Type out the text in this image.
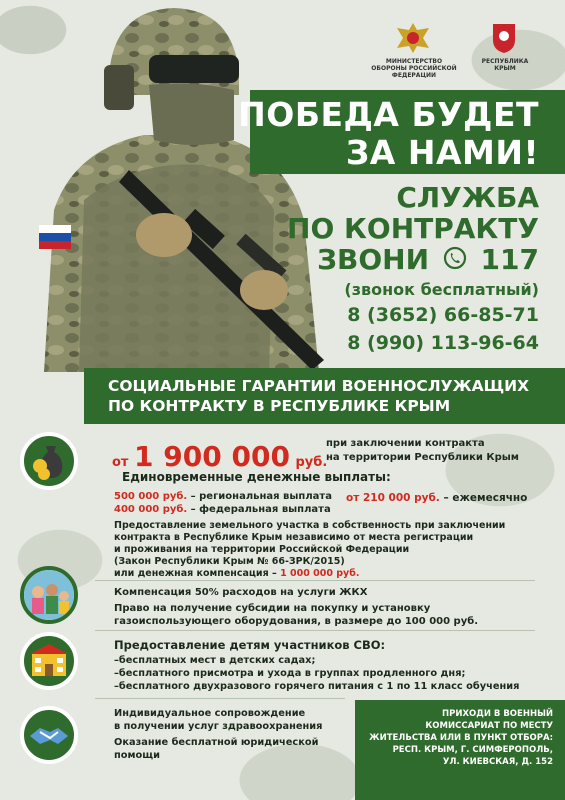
МИНИСТЕРСТВО ОБОРОНЫ РОССИЙСКОЙ ФЕДЕРАЦИИ
РЕСПУБЛИКА КРЫМ
ПОБЕДА БУДЕТ
ЗА НАМИ!
СЛУЖБА
ПО КОНТРАКТУ
ЗВОНИ 117
(звонок бесплатный)
8 (3652) 66-85-71
8 (990) 113-96-64
СОЦИАЛЬНЫЕ ГАРАНТИИ ВОЕННОСЛУЖАЩИХ
ПО КОНТРАКТУ В РЕСПУБЛИКЕ КРЫМ
от 1 900 000 руб.
при заключении контракта
на территории Республики Крым
Единовременные денежные выплаты:
500 000 руб. – региональная выплата
400 000 руб. – федеральная выплата
от 210 000 руб. – ежемесячно
Предоставление земельного участка в собственность при заключении
контракта в Республике Крым независимо от места регистрации
и проживания на территории Российской Федерации
(Закон Республики Крым № 66-ЗРК/2015)
или денежная компенсация – 1 000 000 руб.
Компенсация 50% расходов на услуги ЖКХ
Право на получение субсидии на покупку и установку
газоиспользующего оборудования, в размере до 100 000 руб.
Предоставление детям участников СВО:
–бесплатных мест в детских садах;
–бесплатного присмотра и ухода в группах продленного дня;
–бесплатного двухразового горячего питания с 1 по 11 класс обучения
Индивидуальное сопровождение
в получении услуг здравоохранения
Оказание бесплатной юридической
помощи
ПРИХОДИ В ВОЕННЫЙ
КОМИССАРИАТ ПО МЕСТУ
ЖИТЕЛЬСТВА ИЛИ В ПУНКТ ОТБОРА:
РЕСП. КРЫМ, Г. СИМФЕРОПОЛЬ,
УЛ. КИЕВСКАЯ, Д. 152
